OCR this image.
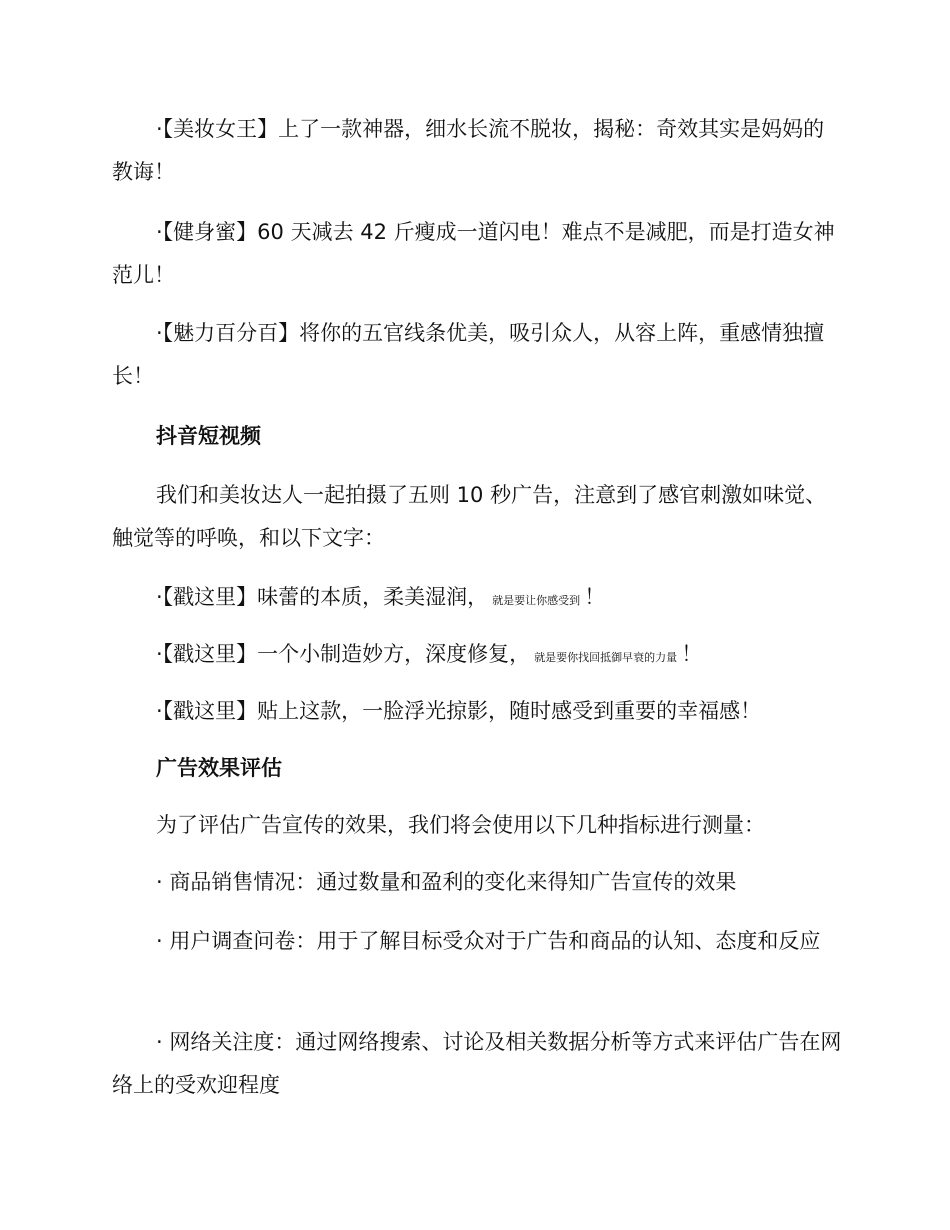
·【美妆女王】上了一款神器，细水长流不脱妆，揭秘：奇效其实是妈妈的教诲！

·【健身蜜】60 天减去 42 斤瘦成一道闪电！难点不是减肥，而是打造女神范儿！

·【魅力百分百】将你的五官线条优美，吸引众人，从容上阵，重感情独擅长！

抖音短视频

我们和美妆达人一起拍摄了五则 10 秒广告，注意到了感官刺激如味觉、触觉等的呼唤，和以下文字：

·【戳这里】味蕾的本质，柔美湿润， 就是要让你感受到 ！

·【戳这里】一个小制造妙方，深度修复， 就是要你找回抵御早衰的力量 ！

·【戳这里】贴上这款，一脸浮光掠影，随时感受到重要的幸福感！

广告效果评估

为了评估广告宣传的效果，我们将会使用以下几种指标进行测量：

· 商品销售情况：通过数量和盈利的变化来得知广告宣传的效果

· 用户调查问卷：用于了解目标受众对于广告和商品的认知、态度和反应

· 网络关注度：通过网络搜索、讨论及相关数据分析等方式来评估广告在网络上的受欢迎程度
